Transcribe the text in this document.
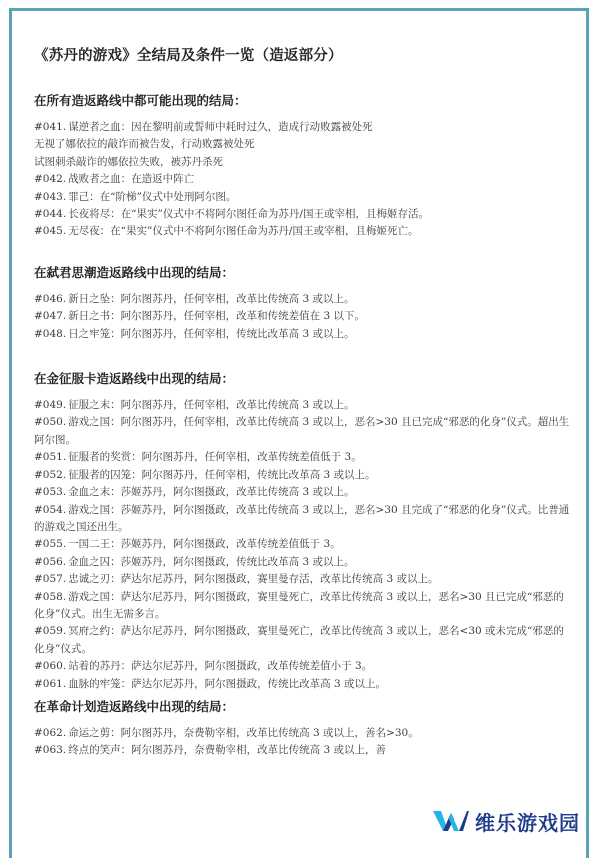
《苏丹的游戏》全结局及条件一览（造返部分）
在所有造返路线中都可能出现的结局：
#041. 谋逆者之血：因在黎明前或誓师中耗时过久，造成行动败露被处死
无视了娜依拉的敲诈而被告发，行动败露被处死
试图刺杀敲诈的娜依拉失败，被苏丹杀死
#042. 战败者之血：在造返中阵亡
#043. 罪己：在“阶梯”仪式中处刑阿尔图。
#044. 长夜将尽：在“果实”仪式中不将阿尔图任命为苏丹/国王或宰相，且梅姬存活。
#045. 无尽夜：在“果实”仪式中不将阿尔图任命为苏丹/国王或宰相，且梅姬死亡。
在弑君思潮造返路线中出现的结局：
#046. 新日之坠：阿尔图苏丹，任何宰相，改革比传统高 3 或以上。
#047. 新日之书：阿尔图苏丹，任何宰相，改革和传统差值在 3 以下。
#048. 日之牢笼：阿尔图苏丹，任何宰相，传统比改革高 3 或以上。
在金征服卡造返路线中出现的结局：
#049. 征服之末：阿尔图苏丹，任何宰相，改革比传统高 3 或以上。
#050. 游戏之国：阿尔图苏丹，任何宰相，改革比传统高 3 或以上，恶名>30 且已完成“邪恶的化身”仪式。超出生阿尔图。
#051. 征服者的奖赏：阿尔图苏丹，任何宰相，改革传统差值低于 3。
#052. 征服者的囚笼：阿尔图苏丹，任何宰相，传统比改革高 3 或以上。
#053. 金血之末：莎姬苏丹，阿尔图摄政，改革比传统高 3 或以上。
#054. 游戏之国：莎姬苏丹，阿尔图摄政，改革比传统高 3 或以上，恶名>30 且完成了“邪恶的化身”仪式。比普通的游戏之国还出生。
#055. 一国二王：莎姬苏丹，阿尔图摄政，改革传统差值低于 3。
#056. 金血之囚：莎姬苏丹，阿尔图摄政，传统比改革高 3 或以上。
#057. 忠诚之刃：萨达尔尼苏丹，阿尔图摄政，赛里曼存活，改革比传统高 3 或以上。
#058. 游戏之国：萨达尔尼苏丹，阿尔图摄政，赛里曼死亡，改革比传统高 3 或以上，恶名>30 且已完成“邪恶的化身”仪式。出生无需多言。
#059. 冥府之约：萨达尔尼苏丹，阿尔图摄政，赛里曼死亡，改革比传统高 3 或以上，恶名<30 或未完成“邪恶的化身”仪式。
#060. 站着的苏丹：萨达尔尼苏丹，阿尔图摄政，改革传统差值小于 3。
#061. 血脉的牢笼：萨达尔尼苏丹，阿尔图摄政，传统比改革高 3 或以上。
在革命计划造返路线中出现的结局：
#062. 命运之剪：阿尔图苏丹，奈费勒宰相，改革比传统高 3 或以上，善名>30。
#063. 终点的笑声：阿尔图苏丹，奈费勒宰相，改革比传统高 3 或以上，善
维乐游戏园
